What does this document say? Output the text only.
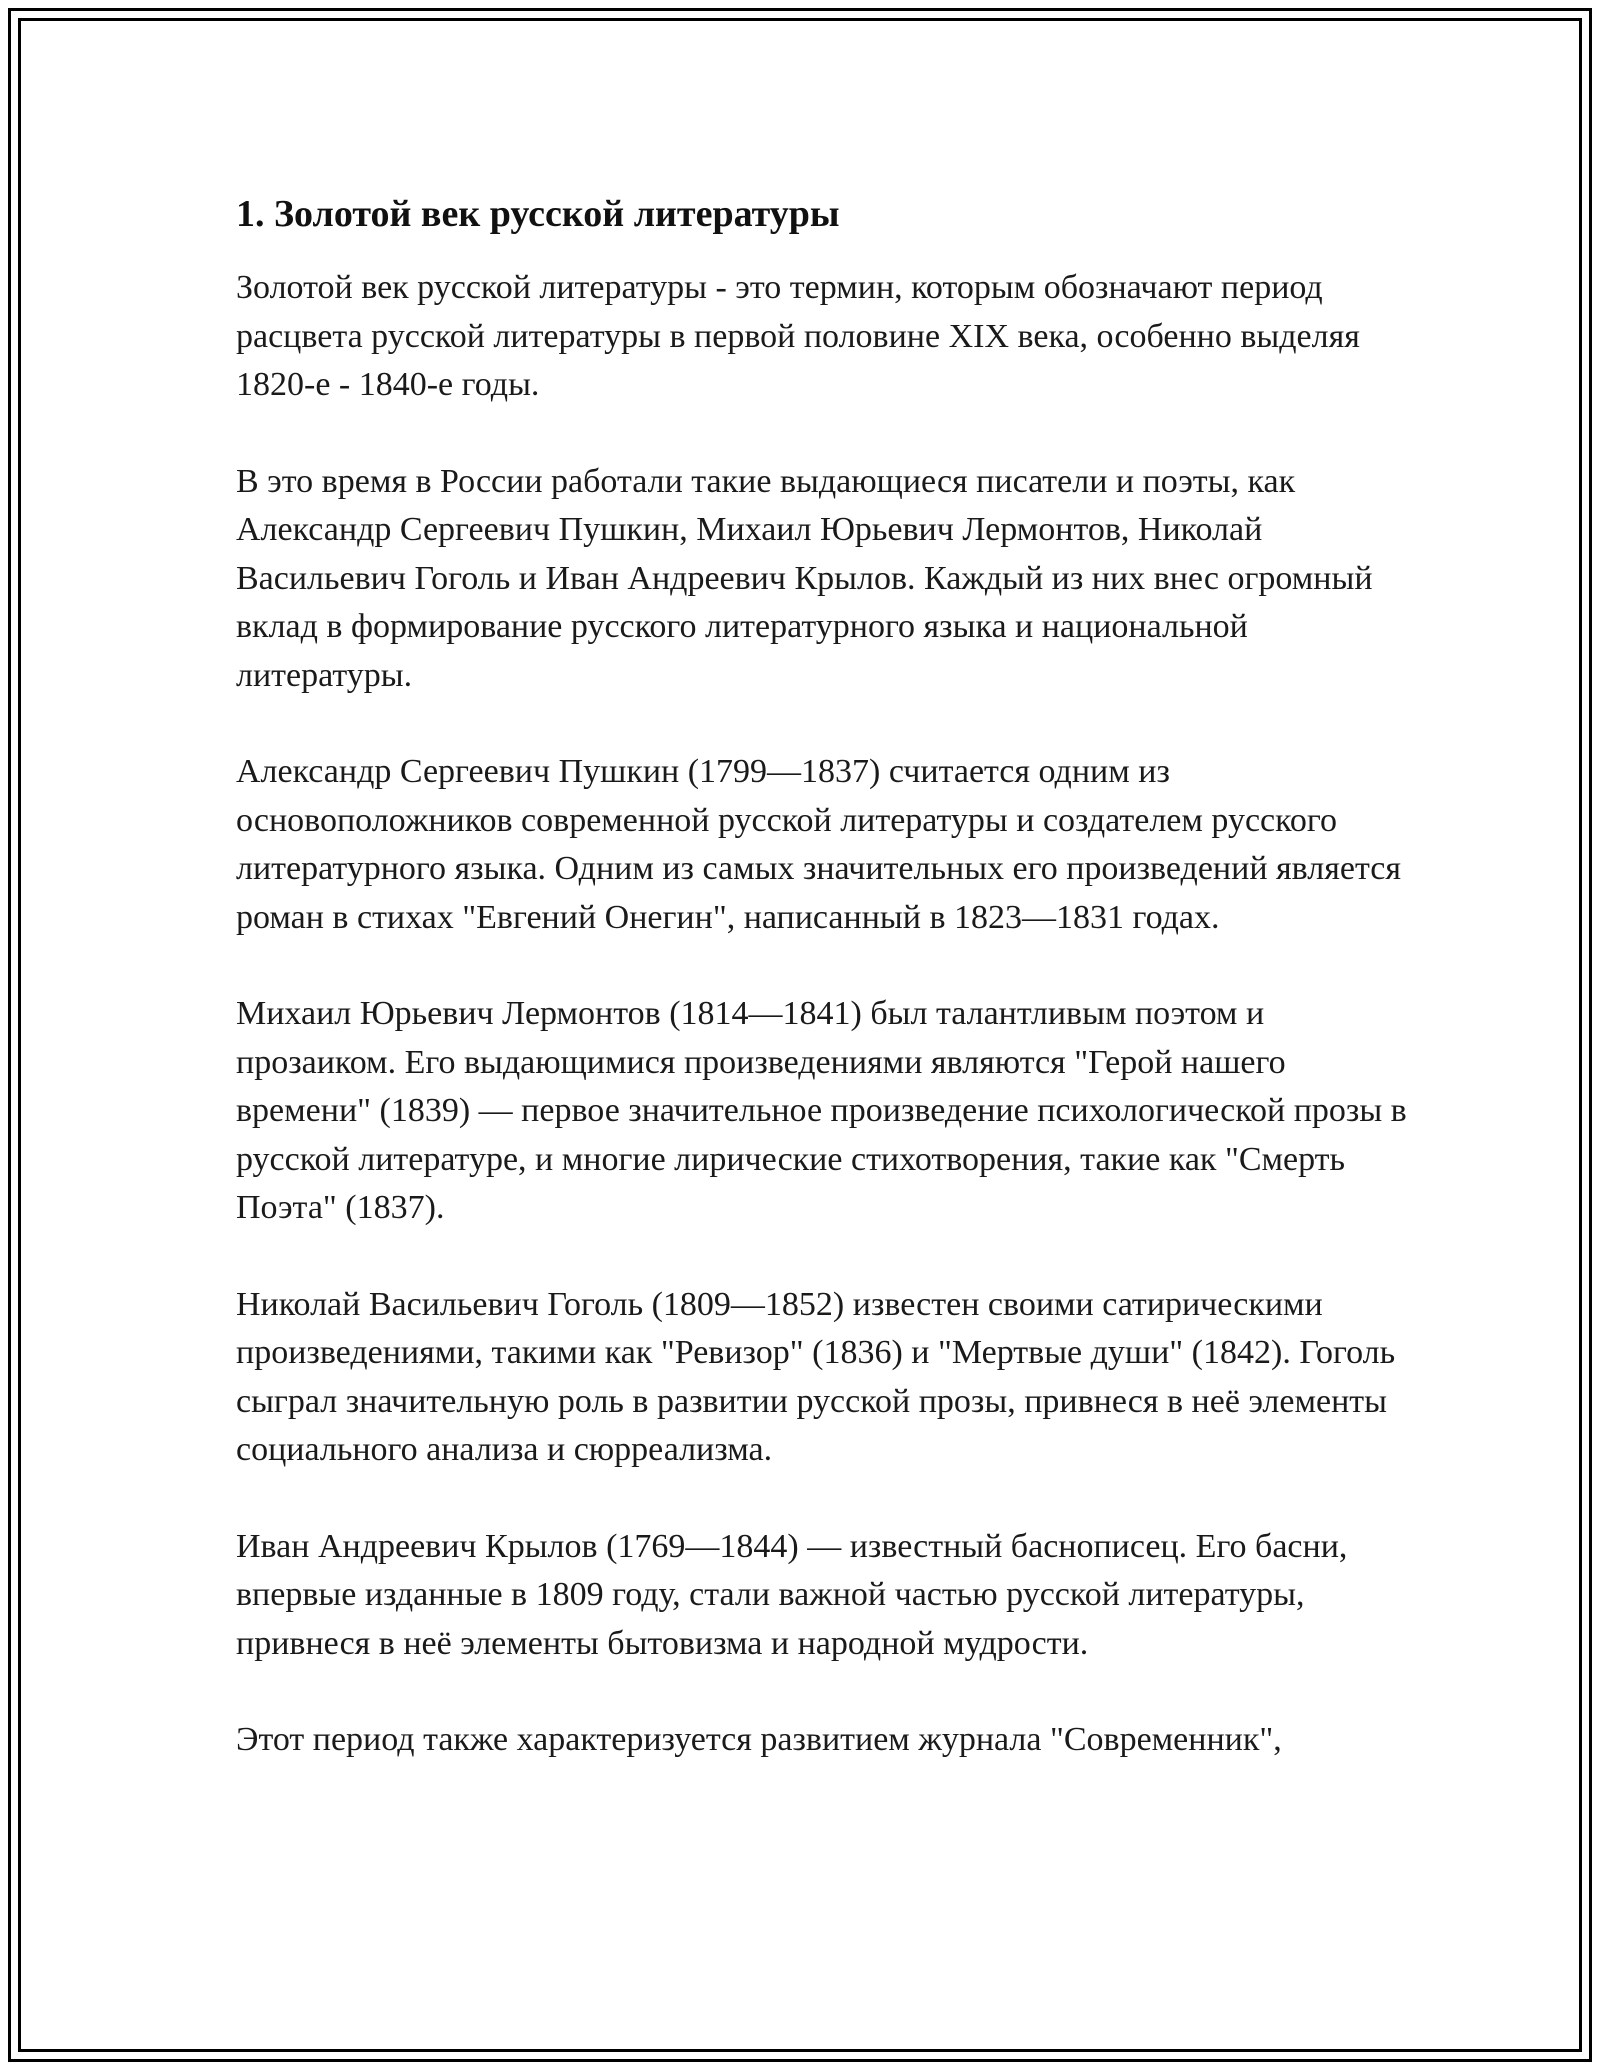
1. Золотой век русской литературы

Золотой век русской литературы - это термин, которым обозначают период расцвета русской литературы в первой половине XIX века, особенно выделяя 1820-е - 1840-е годы.

В это время в России работали такие выдающиеся писатели и поэты, как Александр Сергеевич Пушкин, Михаил Юрьевич Лермонтов, Николай Васильевич Гоголь и Иван Андреевич Крылов. Каждый из них внес огромный вклад в формирование русского литературного языка и национальной литературы.

Александр Сергеевич Пушкин (1799—1837) считается одним из основоположников современной русской литературы и создателем русского литературного языка. Одним из самых значительных его произведений является роман в стихах "Евгений Онегин", написанный в 1823—1831 годах.

Михаил Юрьевич Лермонтов (1814—1841) был талантливым поэтом и прозаиком. Его выдающимися произведениями являются "Герой нашего времени" (1839) — первое значительное произведение психологической прозы в русской литературе, и многие лирические стихотворения, такие как "Смерть Поэта" (1837).

Николай Васильевич Гоголь (1809—1852) известен своими сатирическими произведениями, такими как "Ревизор" (1836) и "Мертвые души" (1842). Гоголь сыграл значительную роль в развитии русской прозы, привнеся в неё элементы социального анализа и сюрреализма.

Иван Андреевич Крылов (1769—1844) — известный баснописец. Его басни, впервые изданные в 1809 году, стали важной частью русской литературы, привнеся в неё элементы бытовизма и народной мудрости.

Этот период также характеризуется развитием журнала "Современник",
